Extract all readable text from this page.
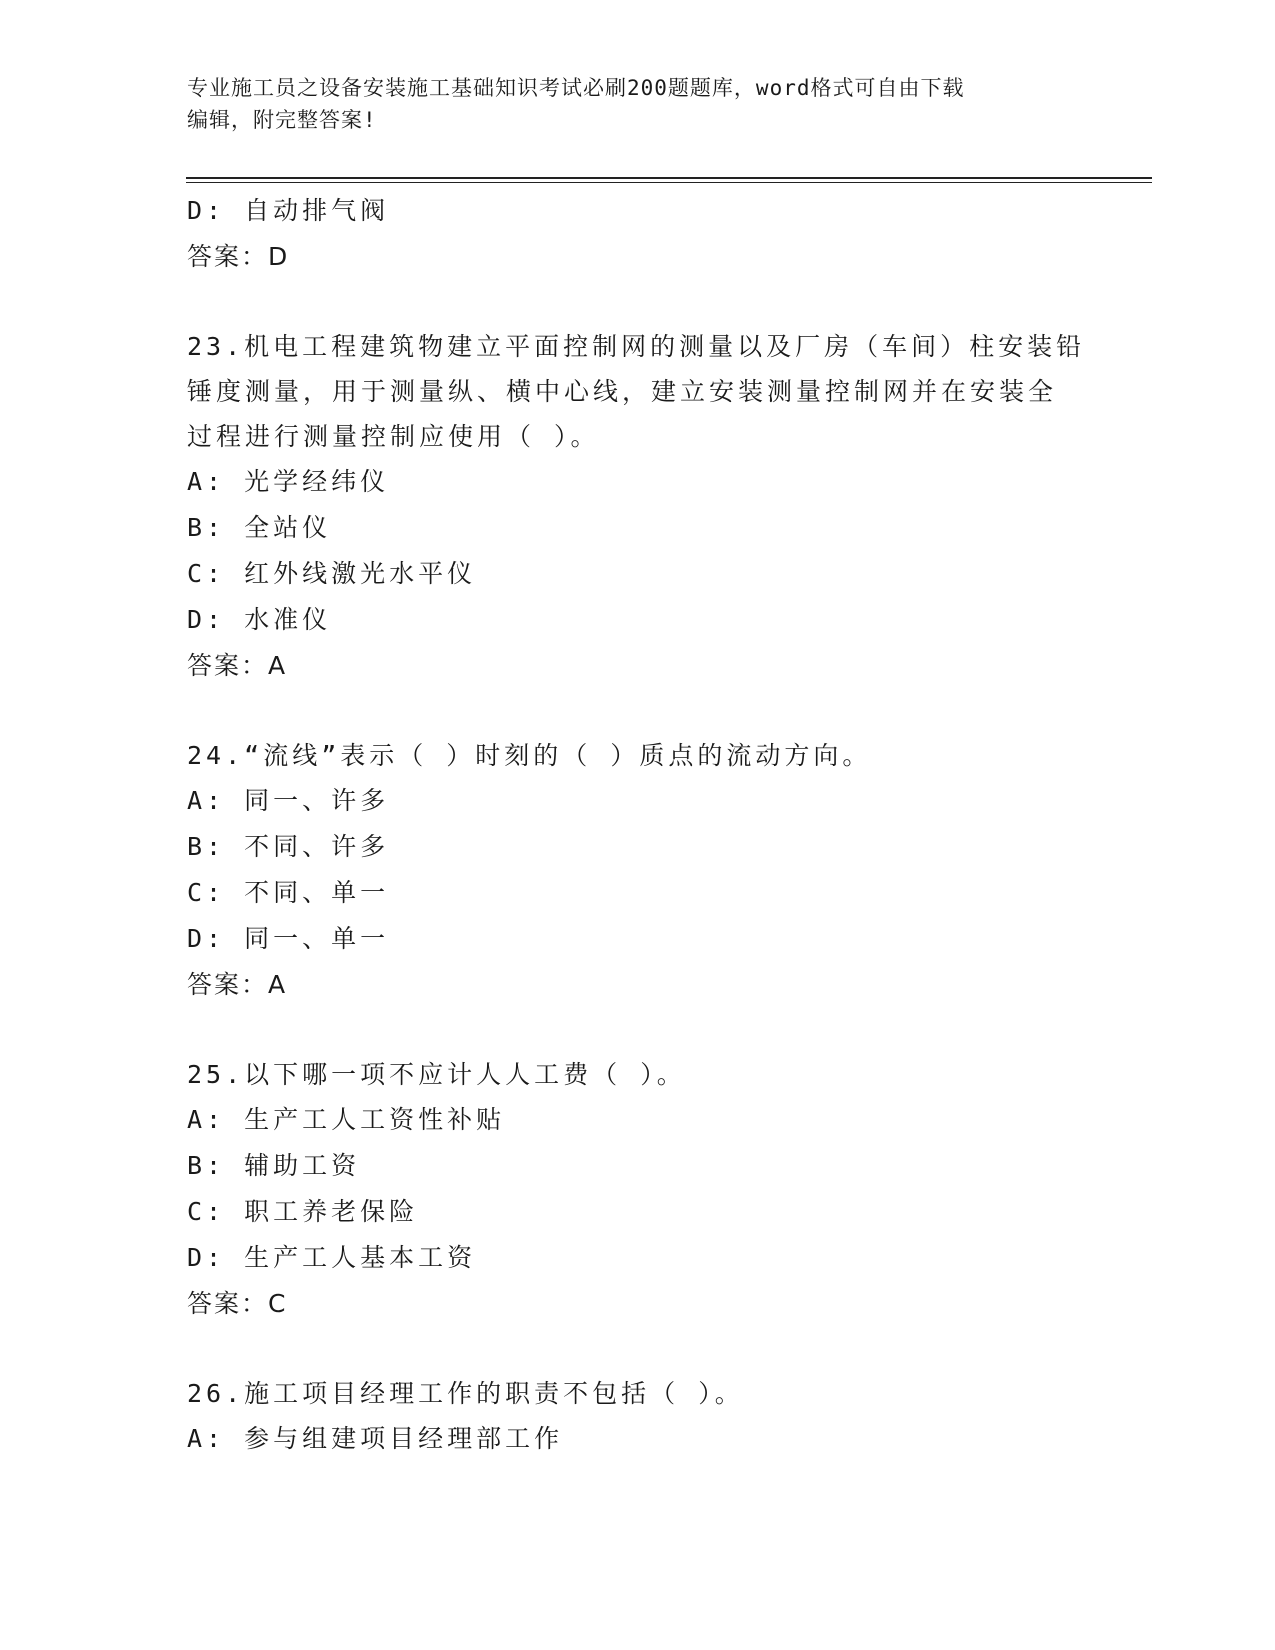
专业施工员之设备安装施工基础知识考试必刷200题题库，word格式可自由下载
编辑，附完整答案!
D: 自动排气阀
答案：D
23.机电工程建筑物建立平面控制网的测量以及厂房（车间）柱安装铅
锤度测量，用于测量纵、横中心线，建立安装测量控制网并在安装全
过程进行测量控制应使用（ ）。
A: 光学经纬仪
B: 全站仪
C: 红外线激光水平仪
D: 水准仪
答案：A
24.“流线”表示（ ）时刻的（ ）质点的流动方向。
A: 同一、许多
B: 不同、许多
C: 不同、单一
D: 同一、单一
答案：A
25.以下哪一项不应计人人工费（ ）。
A: 生产工人工资性补贴
B: 辅助工资
C: 职工养老保险
D: 生产工人基本工资
答案：C
26.施工项目经理工作的职责不包括（ ）。
A: 参与组建项目经理部工作
